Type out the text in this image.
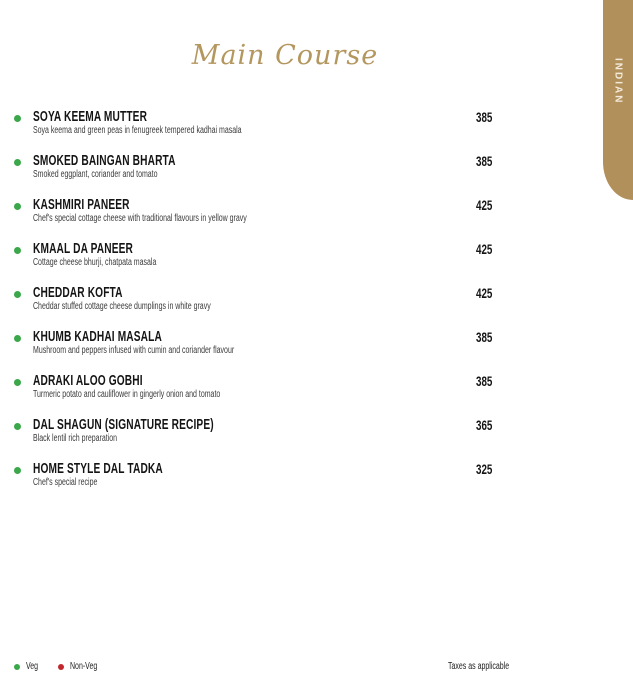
Main Course
INDIAN
SOYA KEEMA MUTTER
Soya keema and green peas in fenugreek tempered kadhai masala
385
SMOKED BAINGAN BHARTA
Smoked eggplant, coriander and tomato
385
KASHMIRI PANEER
Chef's special cottage cheese with traditional flavours in yellow gravy
425
KMAAL DA PANEER
Cottage cheese bhurji, chatpata masala
425
CHEDDAR KOFTA
Cheddar stuffed cottage cheese dumplings in white gravy
425
KHUMB KADHAI MASALA
Mushroom and peppers infused with cumin and coriander flavour
385
ADRAKI ALOO GOBHI
Turmeric potato and cauliflower in gingerly onion and tomato
385
DAL SHAGUN (SIGNATURE RECIPE)
Black lentil rich preparation
365
HOME STYLE DAL TADKA
Chef's special recipe
325
Veg	Non-Veg	Taxes as applicable
